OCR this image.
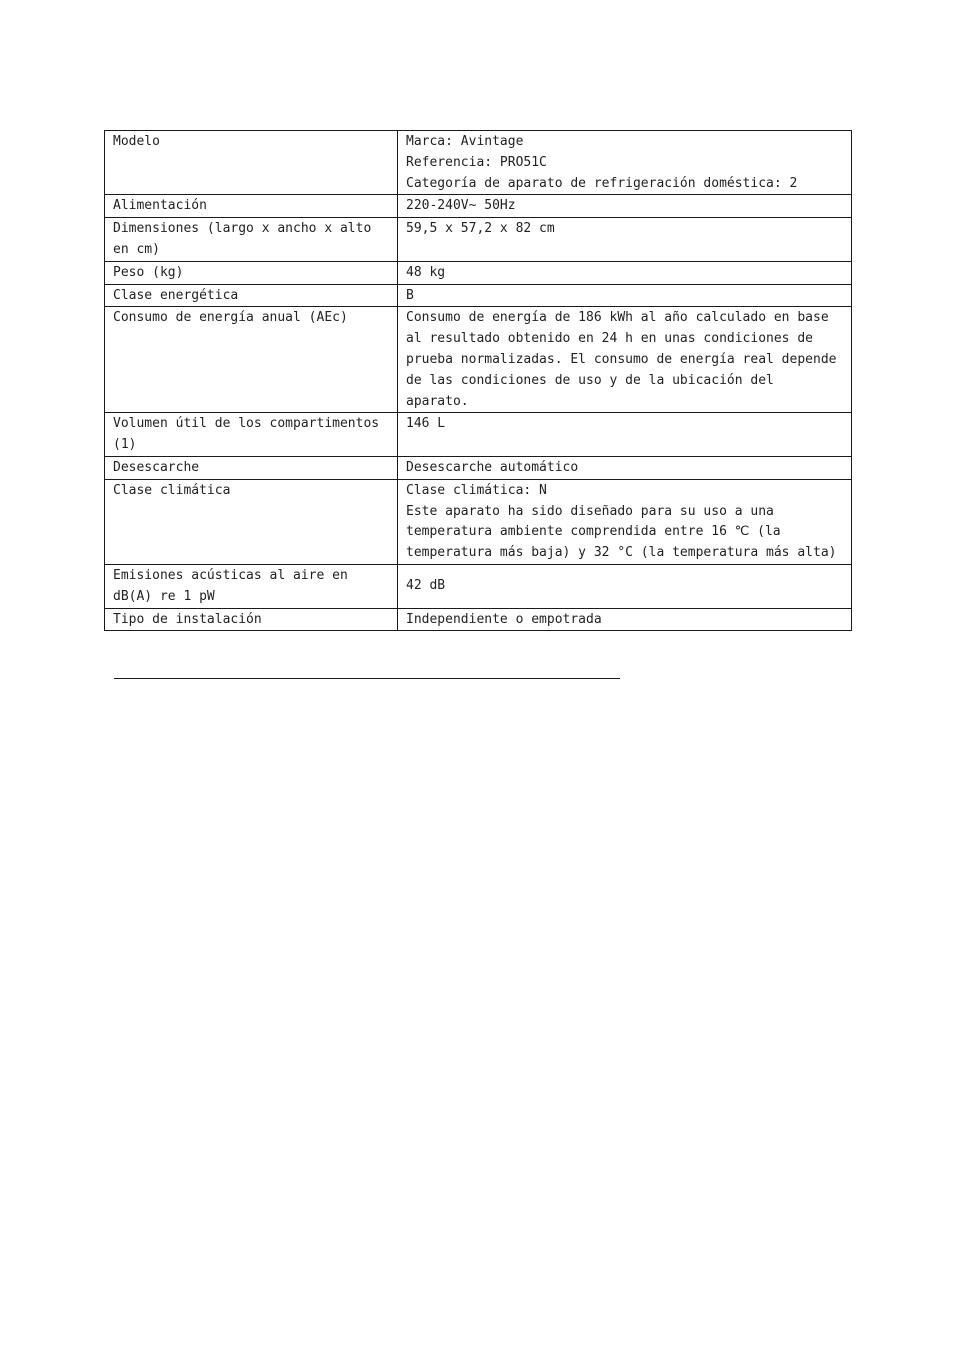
Modelo	Marca: Avintage
Referencia: PRO51C
Categoría de aparato de refrigeración doméstica: 2

Alimentación	220-240V~ 50Hz

Dimensiones (largo x ancho x alto en cm)	59,5 x 57,2 x 82 cm

Peso (kg)	48 kg

Clase energética	B

Consumo de energía anual (AEc)	Consumo de energía de 186 kWh al año calculado en base al resultado obtenido en 24 h en unas condiciones de prueba normalizadas. El consumo de energía real depende de las condiciones de uso y de la ubicación del aparato.

Volumen útil de los compartimentos (1)	146 L

Desescarche	Desescarche automático

Clase climática	Clase climática: N
Este aparato ha sido diseñado para su uso a una temperatura ambiente comprendida entre 16 ℃ (la temperatura más baja) y 32 °C (la temperatura más alta)

Emisiones acústicas al aire en dB(A) re 1 pW	42 dB

Tipo de instalación	Independiente o empotrada
